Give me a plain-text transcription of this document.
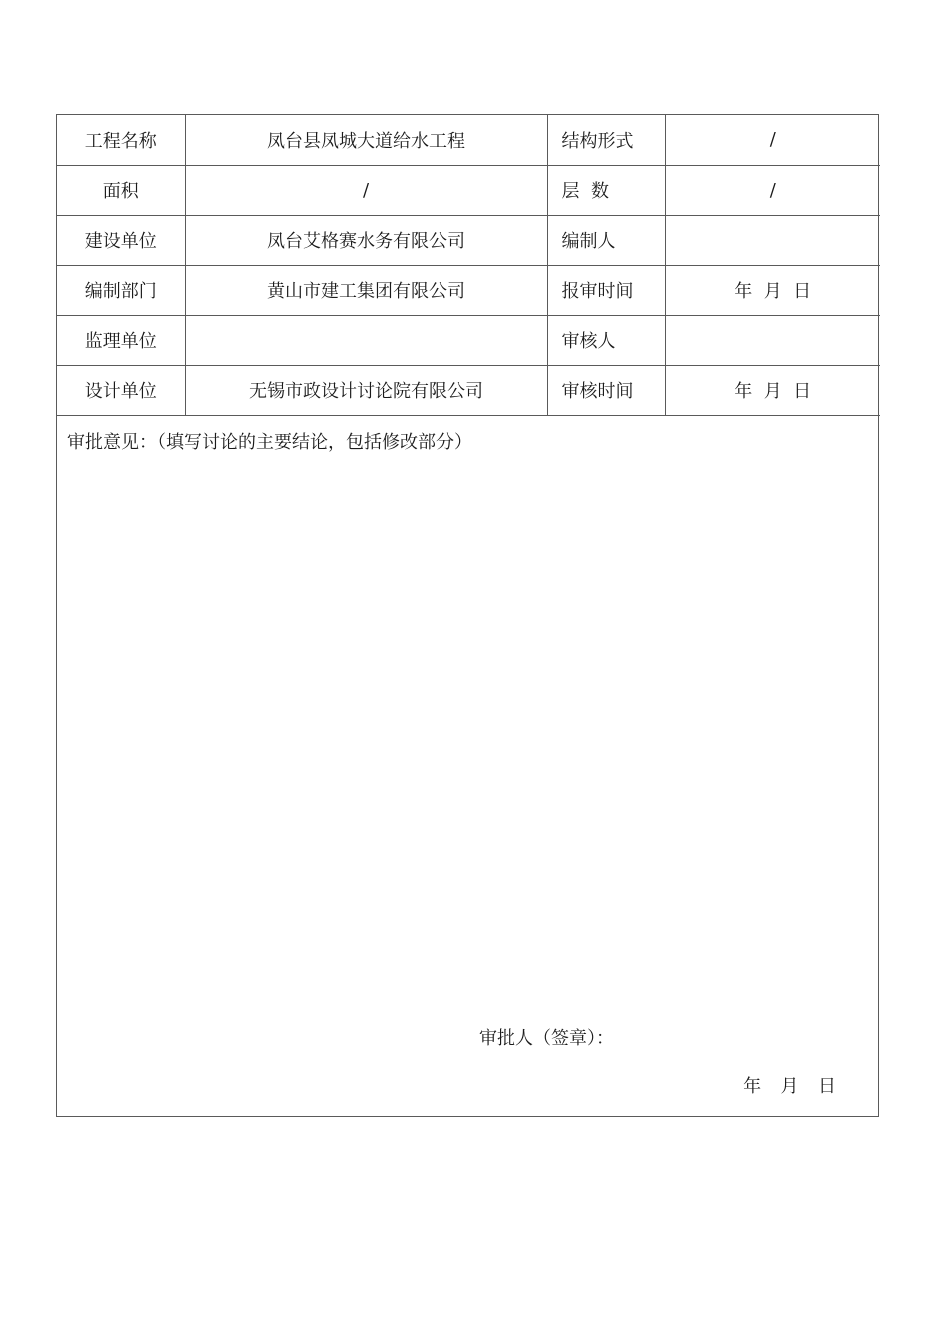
工程名称	凤台县凤城大道给水工程	结构形式	/
面积	/	层  数	/
建设单位	凤台艾格赛水务有限公司	编制人	
编制部门	黄山市建工集团有限公司	报审时间	年  月  日
监理单位		审核人	
设计单位	无锡市政设计讨论院有限公司	审核时间	年  月  日
审批意见：（填写讨论的主要结论，包括修改部分）
审批人（签章）：
年  月  日
